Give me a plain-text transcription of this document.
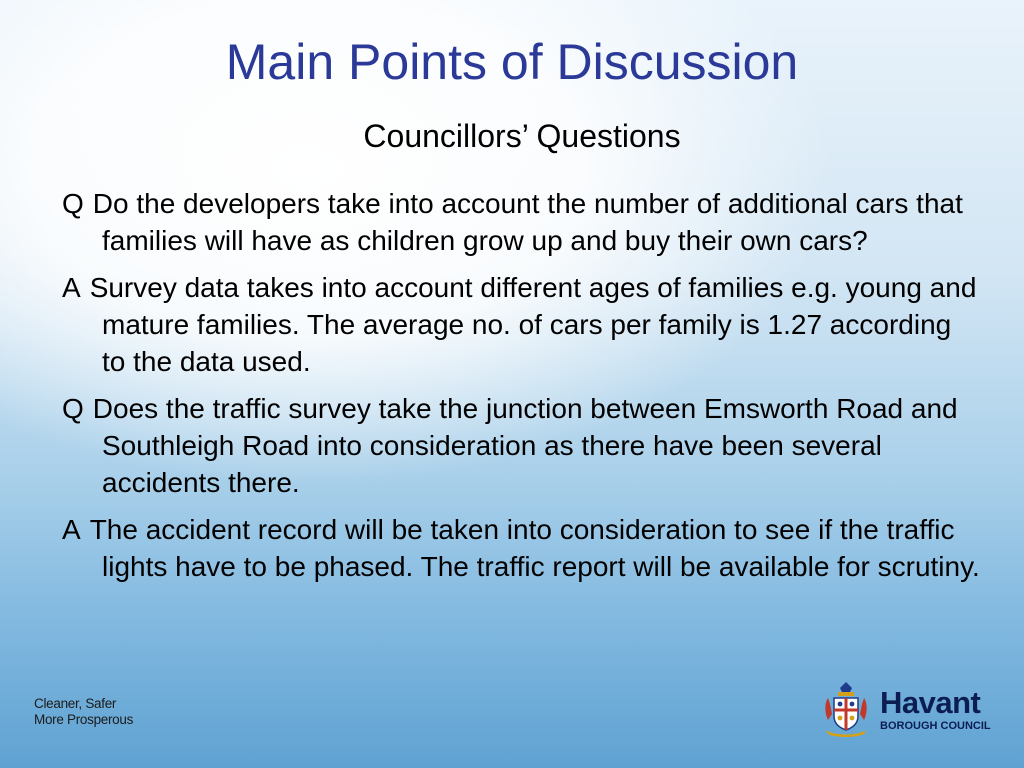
Main Points of Discussion
Councillors’ Questions

Q Do the developers take into account the number of additional cars that families will have as children grow up and buy their own cars?

A Survey data takes into account different ages of families e.g. young and mature families. The average no. of cars per family is 1.27 according to the data used.

Q Does the traffic survey take the junction between Emsworth Road and Southleigh Road into consideration as there have been several accidents there.

A The accident record will be taken into consideration to see if the traffic lights have to be phased. The traffic report will be available for scrutiny.

Cleaner, Safer
More Prosperous	Havant
BOROUGH COUNCIL
